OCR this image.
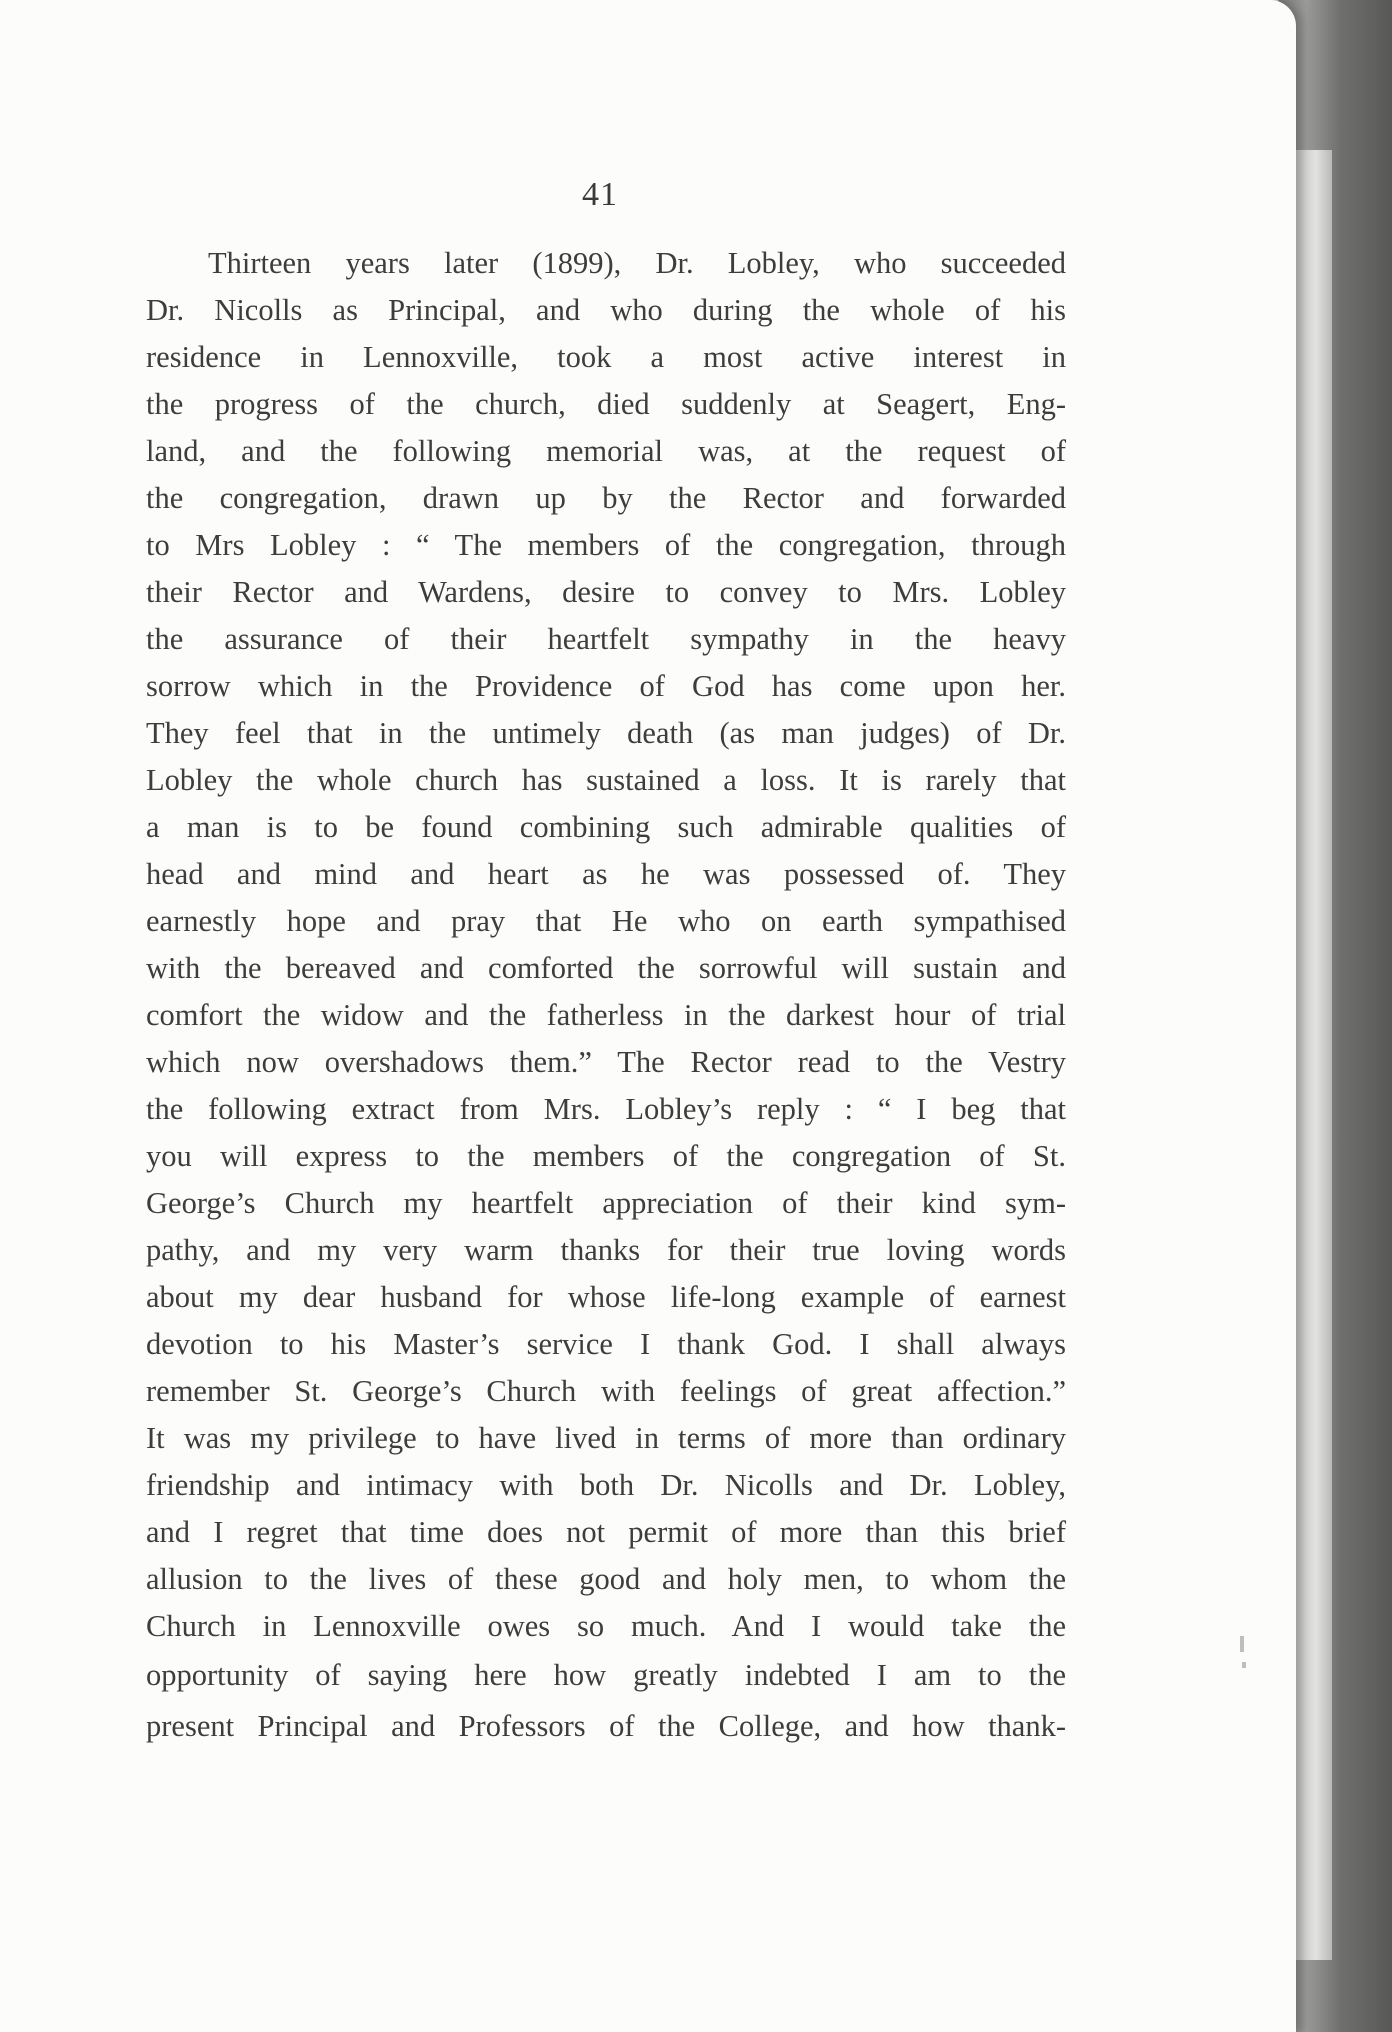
41
Thirteen years later (1899), Dr. Lobley, who succeeded
Dr. Nicolls as Principal, and who during the whole of his
residence in Lennoxville, took a most active interest in
the progress of the church, died suddenly at Seagert, Eng-
land, and the following memorial was, at the request of
the congregation, drawn up by the Rector and forwarded
to Mrs Lobley : “ The members of the congregation, through
their Rector and Wardens, desire to convey to Mrs. Lobley
the assurance of their heartfelt sympathy in the heavy
sorrow which in the Providence of God has come upon her.
They feel that in the untimely death (as man judges) of Dr.
Lobley the whole church has sustained a loss. It is rarely that
a man is to be found combining such admirable qualities of
head and mind and heart as he was possessed of. They
earnestly hope and pray that He who on earth sympathised
with the bereaved and comforted the sorrowful will sustain and
comfort the widow and the fatherless in the darkest hour of trial
which now overshadows them.” The Rector read to the Vestry
the following extract from Mrs. Lobley’s reply : “ I beg that
you will express to the members of the congregation of St.
George’s Church my heartfelt appreciation of their kind sym-
pathy, and my very warm thanks for their true loving words
about my dear husband for whose life-long example of earnest
devotion to his Master’s service I thank God. I shall always
remember St. George’s Church with feelings of great affection.”
It was my privilege to have lived in terms of more than ordinary
friendship and intimacy with both Dr. Nicolls and Dr. Lobley,
and I regret that time does not permit of more than this brief
allusion to the lives of these good and holy men, to whom the
Church in Lennoxville owes so much. And I would take the
opportunity of saying here how greatly indebted I am to the
present Principal and Professors of the College, and how thank-
